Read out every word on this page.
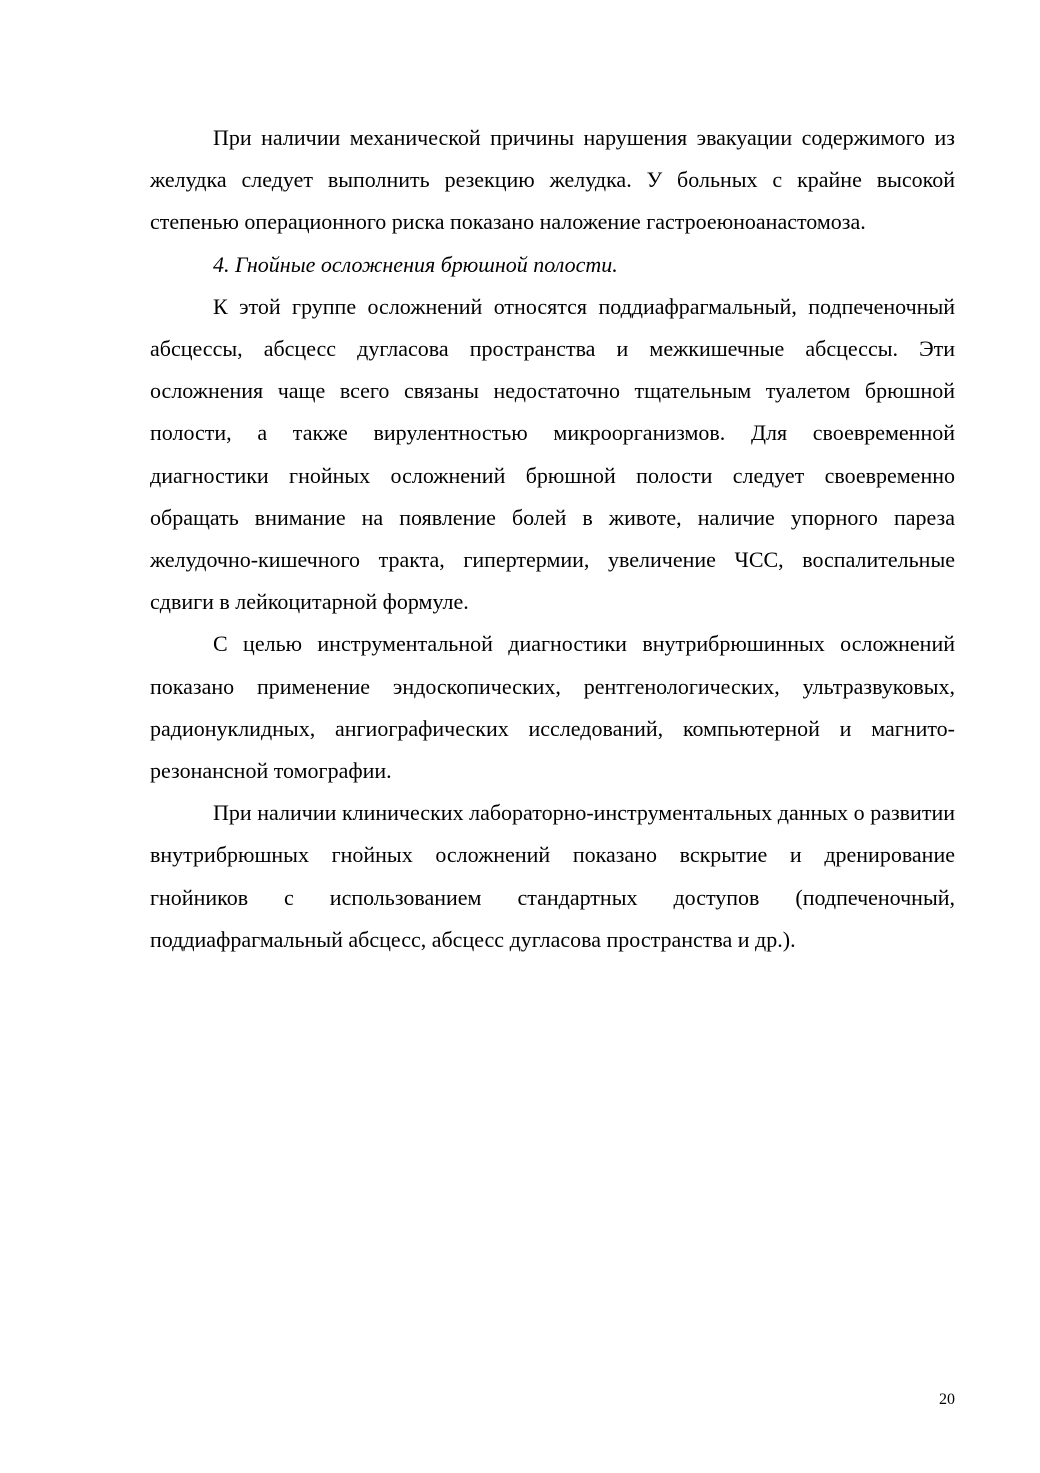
При наличии механической причины нарушения эвакуации содержимого из желудка следует выполнить резекцию желудка. У больных с крайне высокой степенью операционного риска показано наложение гастроеюноанастомоза.

4. Гнойные осложнения брюшной полости.

К этой группе осложнений относятся поддиафрагмальный, подпеченочный абсцессы, абсцесс дугласова пространства и межкишечные абсцессы. Эти осложнения чаще всего связаны недостаточно тщательным туалетом брюшной полости, а также вирулентностью микроорганизмов. Для своевременной диагностики гнойных осложнений брюшной полости следует своевременно обращать внимание на появление болей в животе, наличие упорного пареза желудочно-кишечного тракта, гипертермии, увеличение ЧСС, воспалительные сдвиги в лейкоцитарной формуле.

С целью инструментальной диагностики внутрибрюшинных осложнений показано применение эндоскопических, рентгенологических, ультразвуковых, радионуклидных, ангиографических исследований, компьютерной и магнито-резонансной томографии.

При наличии клинических лабораторно-инструментальных данных о развитии внутрибрюшных гнойных осложнений показано вскрытие и дренирование гнойников с использованием стандартных доступов (подпеченочный, поддиафрагмальный абсцесс, абсцесс дугласова пространства и др.).

20
